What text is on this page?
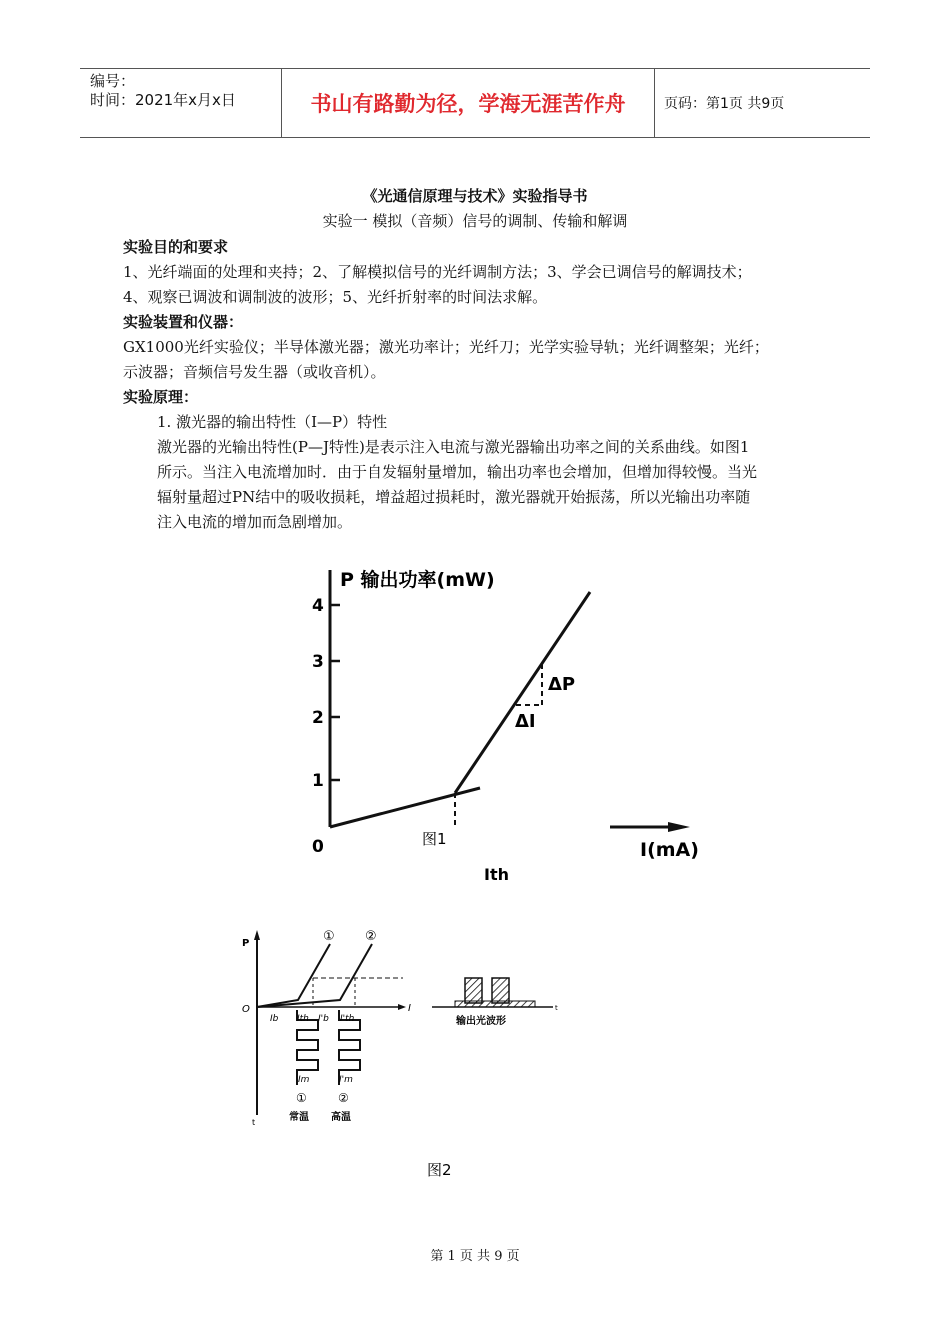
编号：
时间：2021年x月x日	书山有路勤为径，学海无涯苦作舟	页码：第1页 共9页
《光通信原理与技术》实验指导书
实验一 模拟（音频）信号的调制、传输和解调
实验目的和要求
1、光纤端面的处理和夹持；2、了解模拟信号的光纤调制方法；3、学会已调信号的解调技术；
4、观察已调波和调制波的波形；5、光纤折射率的时间法求解。
实验装置和仪器：
GX1000光纤实验仪；半导体激光器；激光功率计；光纤刀；光学实验导轨；光纤调整架；光纤；
示波器；音频信号发生器（或收音机）。
实验原理：
1. 激光器的输出特性（I—P）特性
激光器的光输出特性(P—J特性)是表示注入电流与激光器输出功率之间的关系曲线。如图1
所示。当注入电流增加时．由于自发辐射量增加，输出功率也会增加，但增加得较慢。当光
辐射量超过PN结中的吸收损耗，增益超过损耗时，激光器就开始振荡，所以光输出功率随
注入电流的增加而急剧增加。
P 输出功率(mW)
4
3
2
1
0
ΔP
ΔI
图1	I(mA)
Ith
P
I
O
t
① ②
Ib Ith I'b I'th
Im	I'm
①	②
常温 高温
t
输出光波形
图2
第 1 页 共 9 页
